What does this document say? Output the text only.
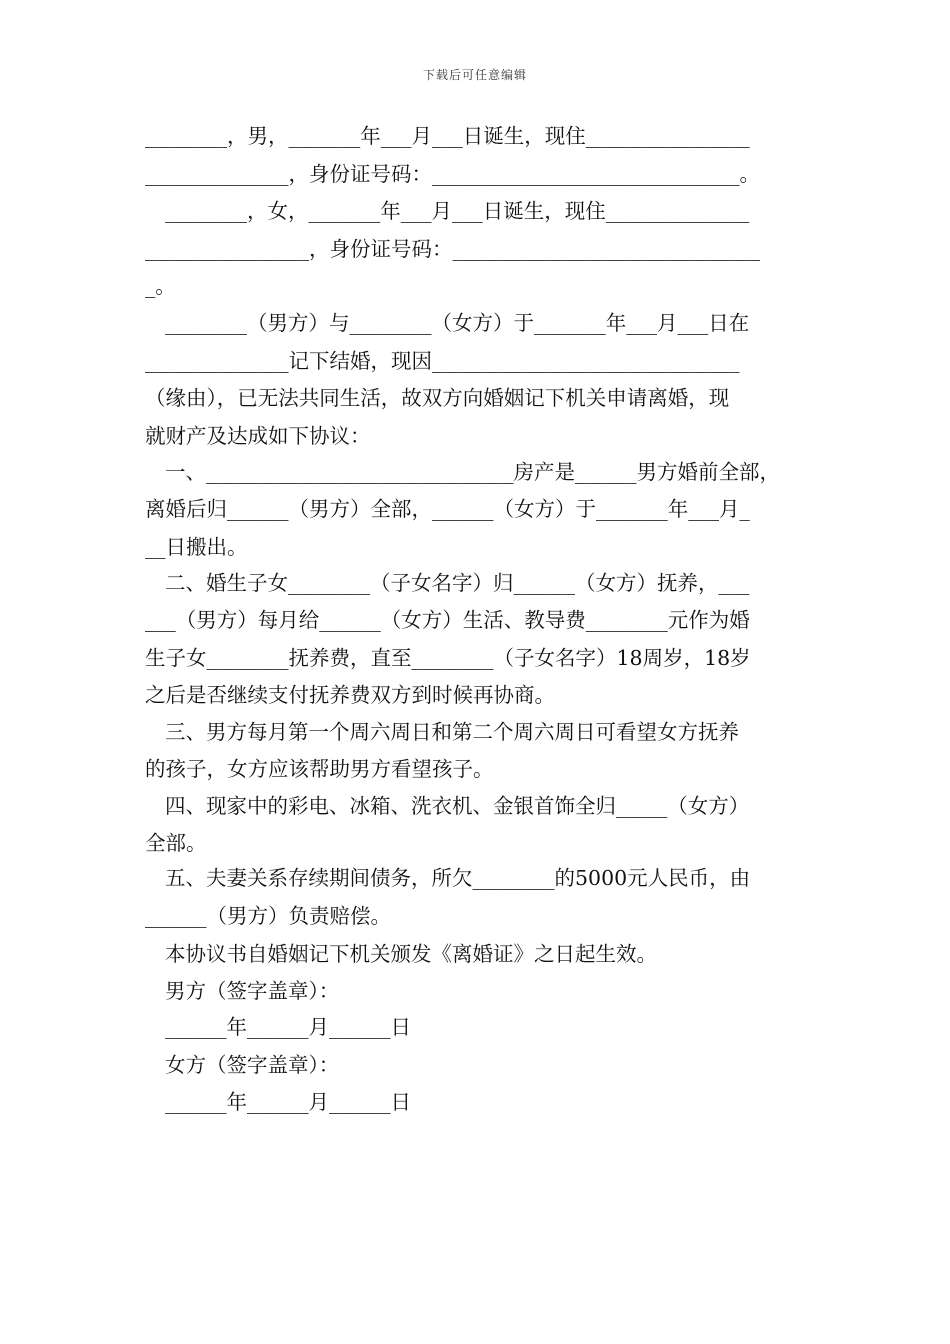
下载后可任意编辑
________，男，_______年___月___日诞生，现住________________
______________，身份证号码：______________________________。
________，女，_______年___月___日诞生，现住______________
________________，身份证号码：______________________________
_。
________（男方）与________（女方）于_______年___月___日在
______________记下结婚，现因______________________________
（缘由），已无法共同生活，故双方向婚姻记下机关申请离婚，现
就财产及达成如下协议：
一、______________________________房产是______男方婚前全部，
离婚后归______（男方）全部，______（女方）于_______年___月_
__日搬出。
二、婚生子女________（子女名字）归______（女方）抚养，___
___（男方）每月给______（女方）生活、教导费________元作为婚
生子女________抚养费，直至________（子女名字）18周岁，18岁
之后是否继续支付抚养费双方到时候再协商。
三、男方每月第一个周六周日和第二个周六周日可看望女方抚养
的孩子，女方应该帮助男方看望孩子。
四、现家中的彩电、冰箱、洗衣机、金银首饰全归_____（女方）
全部。
五、夫妻关系存续期间债务，所欠________的5000元人民币，由
______（男方）负责赔偿。
本协议书自婚姻记下机关颁发《离婚证》之日起生效。
男方（签字盖章）：
______年______月______日
女方（签字盖章）：
______年______月______日
